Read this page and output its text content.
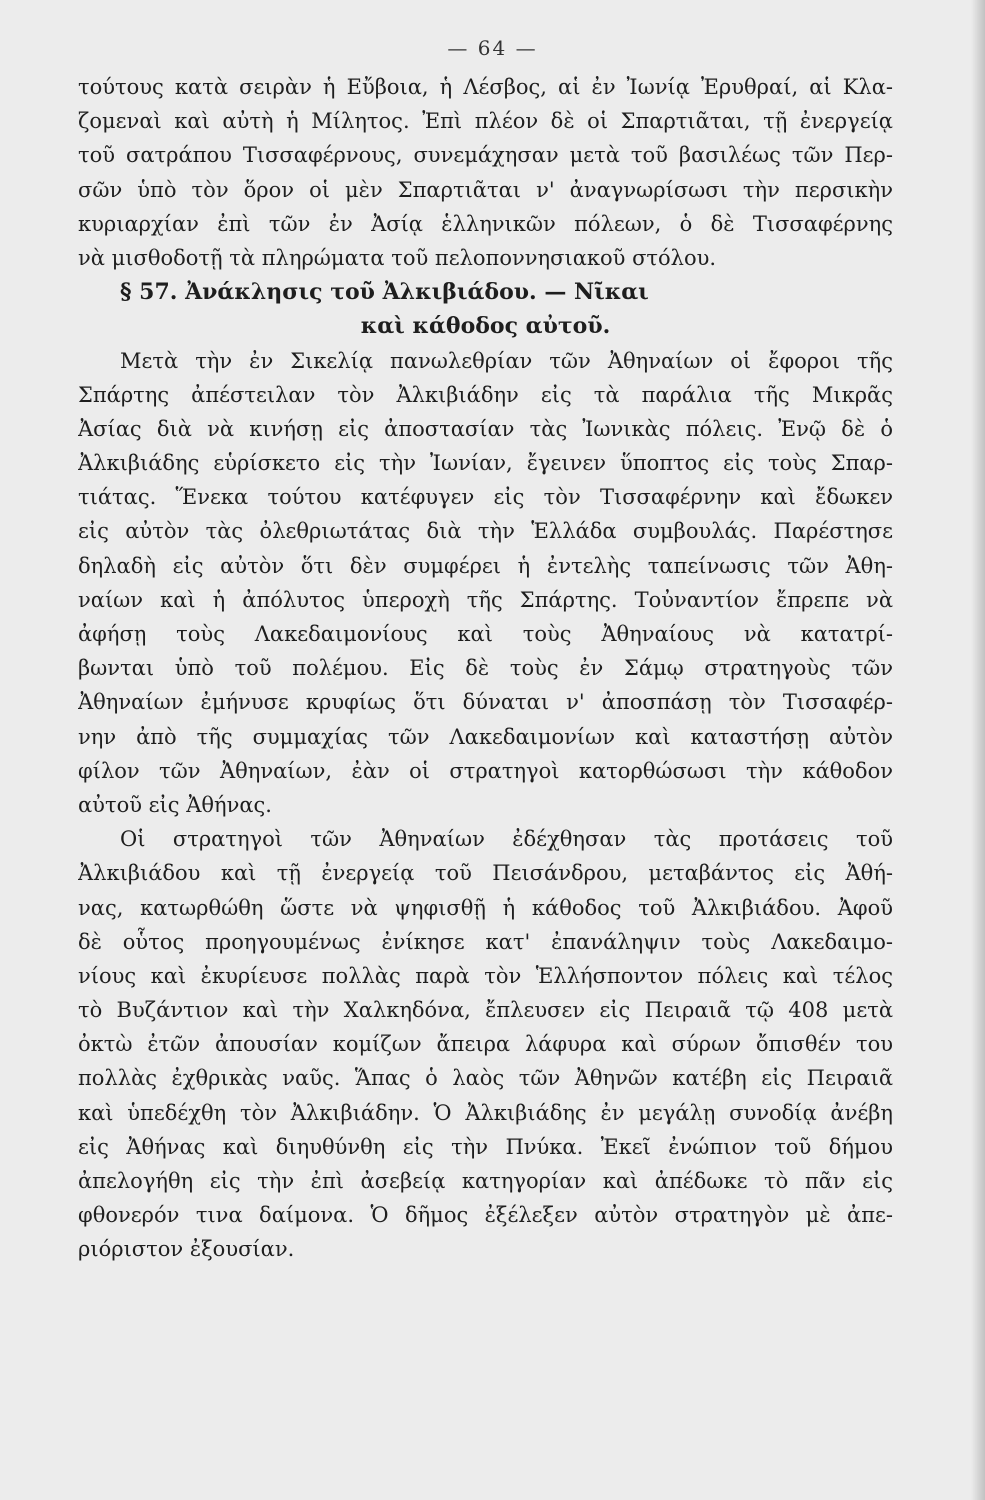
— 64 —
τούτους κατὰ σειρὰν ἡ Εὔβοια, ἡ Λέσβος, αἱ ἐν Ἰωνίᾳ Ἐρυθραί, αἱ Κλα-
ζομεναὶ καὶ αὐτὴ ἡ Μίλητος. Ἐπὶ πλέον δὲ οἱ Σπαρτιᾶται, τῇ ἐνεργείᾳ
τοῦ σατράπου Τισσαφέρνους, συνεμάχησαν μετὰ τοῦ βασιλέως τῶν Περ-
σῶν ὑπὸ τὸν ὅρον οἱ μὲν Σπαρτιᾶται ν' ἀναγνωρίσωσι τὴν περσικὴν
κυριαρχίαν ἐπὶ τῶν ἐν Ἀσίᾳ ἑλληνικῶν πόλεων, ὁ δὲ Τισσαφέρνης
νὰ μισθοδοτῇ τὰ πληρώματα τοῦ πελοποννησιακοῦ στόλου.
§ 57. Ἀνάκλησις τοῦ Ἀλκιβιάδου. — Νῖκαι
καὶ κάθοδος αὐτοῦ.
Μετὰ τὴν ἐν Σικελίᾳ πανωλεθρίαν τῶν Ἀθηναίων οἱ ἔφοροι τῆς
Σπάρτης ἀπέστειλαν τὸν Ἀλκιβιάδην εἰς τὰ παράλια τῆς Μικρᾶς
Ἀσίας διὰ νὰ κινήσῃ εἰς ἀποστασίαν τὰς Ἰωνικὰς πόλεις. Ἐνῷ δὲ ὁ
Ἀλκιβιάδης εὑρίσκετο εἰς τὴν Ἰωνίαν, ἔγεινεν ὕποπτος εἰς τοὺς Σπαρ-
τιάτας. Ἕνεκα τούτου κατέφυγεν εἰς τὸν Τισσαφέρνην καὶ ἔδωκεν
εἰς αὐτὸν τὰς ὀλεθριωτάτας διὰ τὴν Ἑλλάδα συμβουλάς. Παρέστησε
δηλαδὴ εἰς αὐτὸν ὅτι δὲν συμφέρει ἡ ἐντελὴς ταπείνωσις τῶν Ἀθη-
ναίων καὶ ἡ ἀπόλυτος ὑπεροχὴ τῆς Σπάρτης. Τοὐναντίον ἔπρεπε νὰ
ἀφήσῃ τοὺς Λακεδαιμονίους καὶ τοὺς Ἀθηναίους νὰ κατατρί-
βωνται ὑπὸ τοῦ πολέμου. Εἰς δὲ τοὺς ἐν Σάμῳ στρατηγοὺς τῶν
Ἀθηναίων ἐμήνυσε κρυφίως ὅτι δύναται ν' ἀποσπάσῃ τὸν Τισσαφέρ-
νην ἀπὸ τῆς συμμαχίας τῶν Λακεδαιμονίων καὶ καταστήσῃ αὐτὸν
φίλον τῶν Ἀθηναίων, ἐὰν οἱ στρατηγοὶ κατορθώσωσι τὴν κάθοδον
αὐτοῦ εἰς Ἀθήνας.
Οἱ στρατηγοὶ τῶν Ἀθηναίων ἐδέχθησαν τὰς προτάσεις τοῦ
Ἀλκιβιάδου καὶ τῇ ἐνεργείᾳ τοῦ Πεισάνδρου, μεταβάντος εἰς Ἀθή-
νας, κατωρθώθη ὥστε νὰ ψηφισθῇ ἡ κάθοδος τοῦ Ἀλκιβιάδου. Ἀφοῦ
δὲ οὗτος προηγουμένως ἐνίκησε κατ' ἐπανάληψιν τοὺς Λακεδαιμο-
νίους καὶ ἐκυρίευσε πολλὰς παρὰ τὸν Ἑλλήσποντον πόλεις καὶ τέλος
τὸ Βυζάντιον καὶ τὴν Χαλκηδόνα, ἔπλευσεν εἰς Πειραιᾶ τῷ 408 μετὰ
ὀκτὼ ἐτῶν ἀπουσίαν κομίζων ἄπειρα λάφυρα καὶ σύρων ὄπισθέν του
πολλὰς ἐχθρικὰς ναῦς. Ἅπας ὁ λαὸς τῶν Ἀθηνῶν κατέβη εἰς Πειραιᾶ
καὶ ὑπεδέχθη τὸν Ἀλκιβιάδην. Ὁ Ἀλκιβιάδης ἐν μεγάλῃ συνοδίᾳ ἀνέβη
εἰς Ἀθήνας καὶ διηυθύνθη εἰς τὴν Πνύκα. Ἐκεῖ ἐνώπιον τοῦ δήμου
ἀπελογήθη εἰς τὴν ἐπὶ ἀσεβείᾳ κατηγορίαν καὶ ἀπέδωκε τὸ πᾶν εἰς
φθονερόν τινα δαίμονα. Ὁ δῆμος ἐξέλεξεν αὐτὸν στρατηγὸν μὲ ἀπε-
ριόριστον ἐξουσίαν.
